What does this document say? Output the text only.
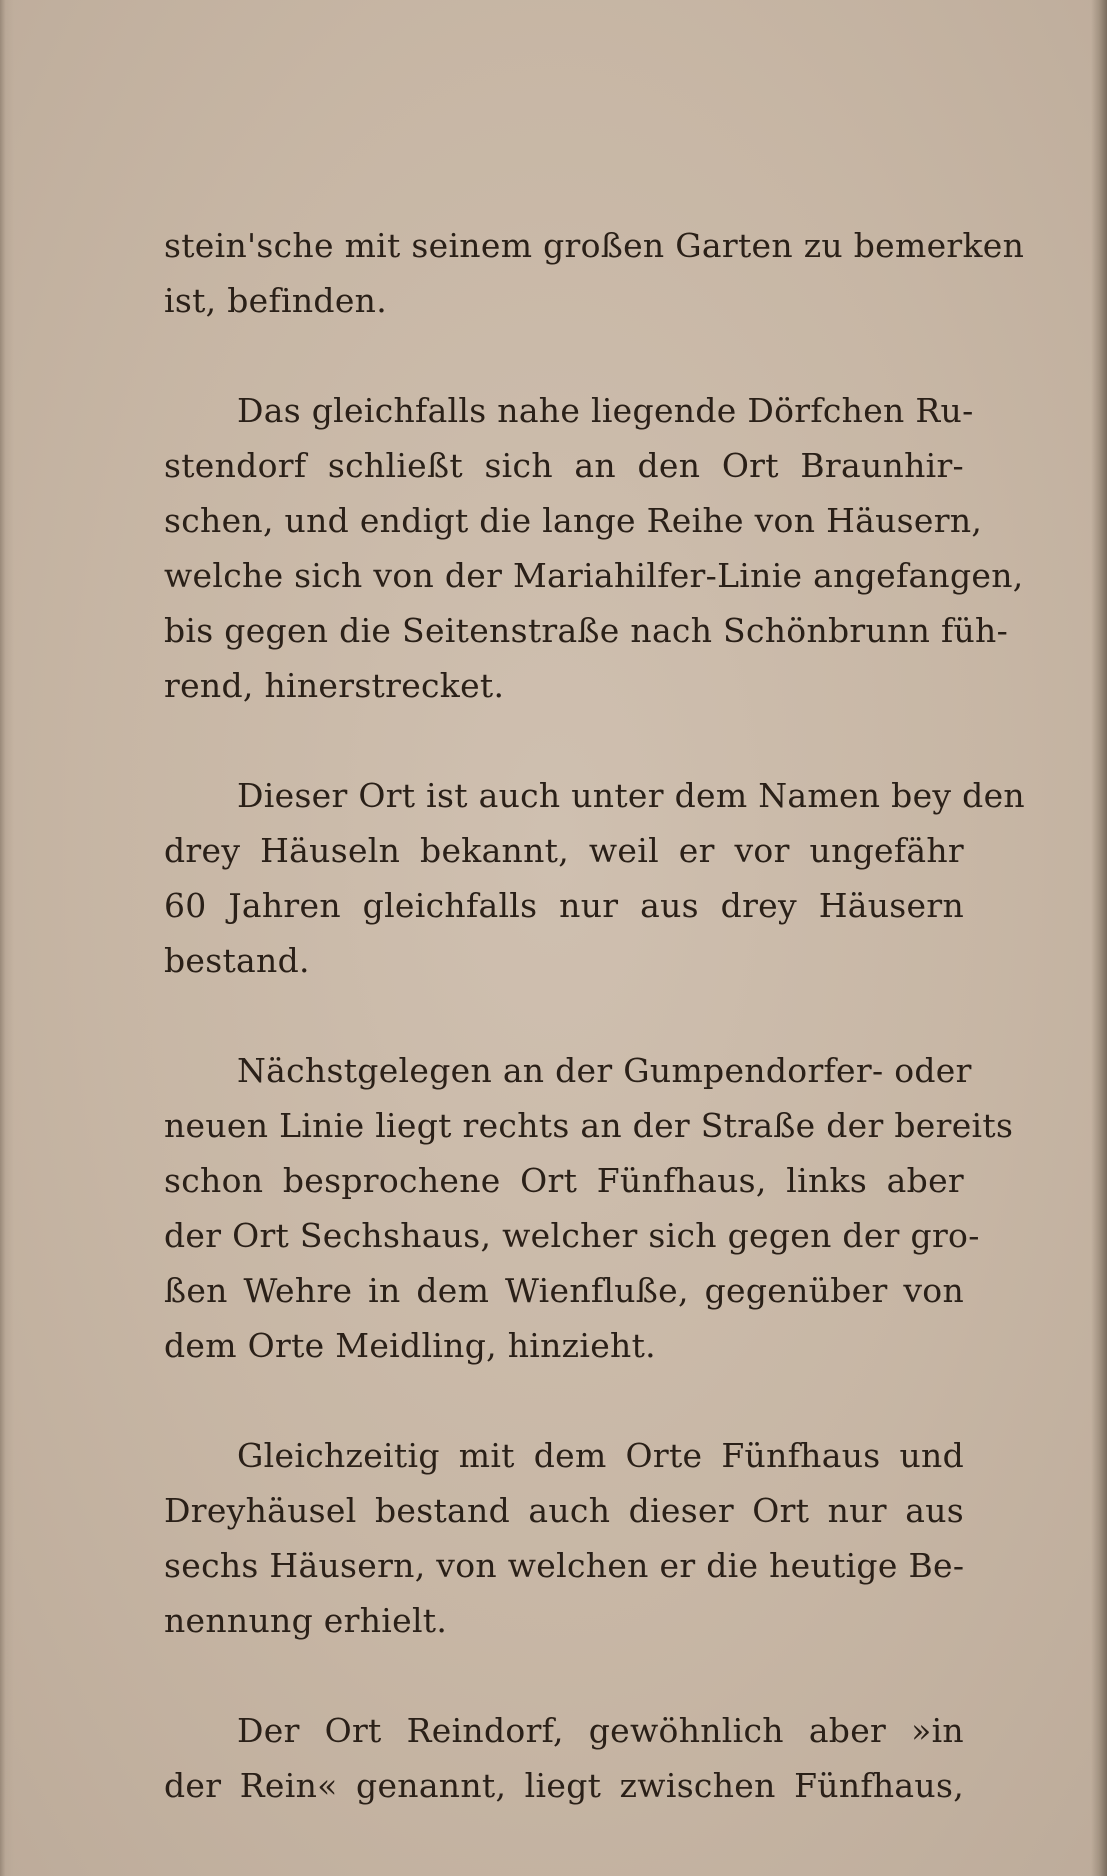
stein'sche mit seinem großen Garten zu bemerken
ist, befinden.
Das gleichfalls nahe liegende Dörfchen Ru-
stendorf schließt sich an den Ort Braunhir-
schen, und endigt die lange Reihe von Häusern,
welche sich von der Mariahilfer-Linie angefangen,
bis gegen die Seitenstraße nach Schönbrunn füh-
rend, hinerstrecket.
Dieser Ort ist auch unter dem Namen bey den
drey Häuseln bekannt, weil er vor ungefähr
60 Jahren gleichfalls nur aus drey Häusern
bestand.
Nächstgelegen an der Gumpendorfer- oder
neuen Linie liegt rechts an der Straße der bereits
schon besprochene Ort Fünfhaus, links aber
der Ort Sechshaus, welcher sich gegen der gro-
ßen Wehre in dem Wienfluße, gegenüber von
dem Orte Meidling, hinzieht.
Gleichzeitig mit dem Orte Fünfhaus und
Dreyhäusel bestand auch dieser Ort nur aus
sechs Häusern, von welchen er die heutige Be-
nennung erhielt.
Der Ort Reindorf, gewöhnlich aber »in
der Rein« genannt, liegt zwischen Fünfhaus,
